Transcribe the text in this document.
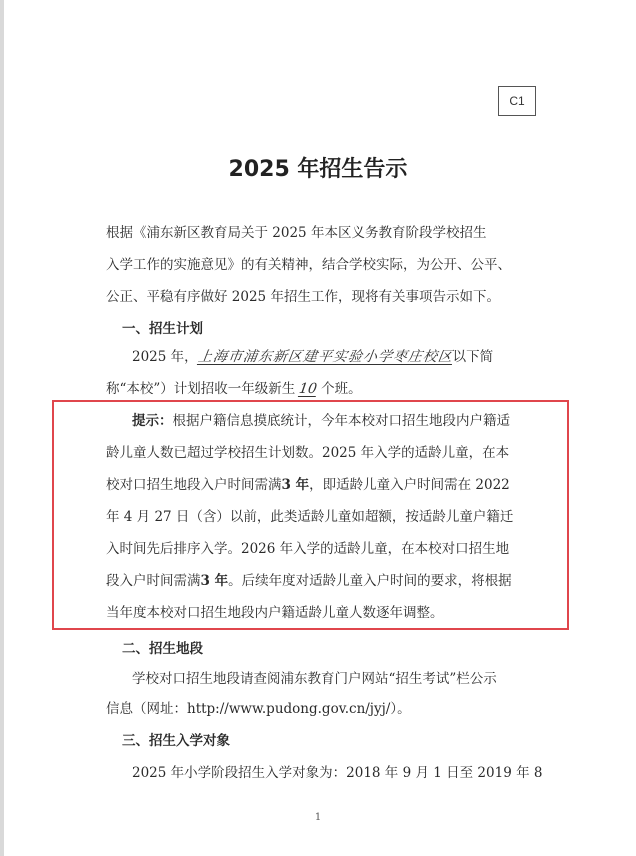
C1
2025 年招生告示
根据《浦东新区教育局关于 2025 年本区义务教育阶段学校招生
入学工作的实施意见》的有关精神，结合学校实际，为公开、公平、
公正、平稳有序做好 2025 年招生工作，现将有关事项告示如下。
一、招生计划
2025 年，上海市浦东新区建平实验小学枣庄校区以下简
称“本校”）计划招收一年级新生 10 个班。
提示：根据户籍信息摸底统计，今年本校对口招生地段内户籍适
龄儿童人数已超过学校招生计划数。2025 年入学的适龄儿童，在本
校对口招生地段入户时间需满3 年，即适龄儿童入户时间需在 2022
年 4 月 27 日（含）以前，此类适龄儿童如超额，按适龄儿童户籍迁
入时间先后排序入学。2026 年入学的适龄儿童，在本校对口招生地
段入户时间需满3 年。后续年度对适龄儿童入户时间的要求，将根据
当年度本校对口招生地段内户籍适龄儿童人数逐年调整。
二、招生地段
学校对口招生地段请查阅浦东教育门户网站“招生考试”栏公示
信息（网址：http://www.pudong.gov.cn/jyj/）。
三、招生入学对象
2025 年小学阶段招生入学对象为：2018 年 9 月 1 日至 2019 年 8
1
